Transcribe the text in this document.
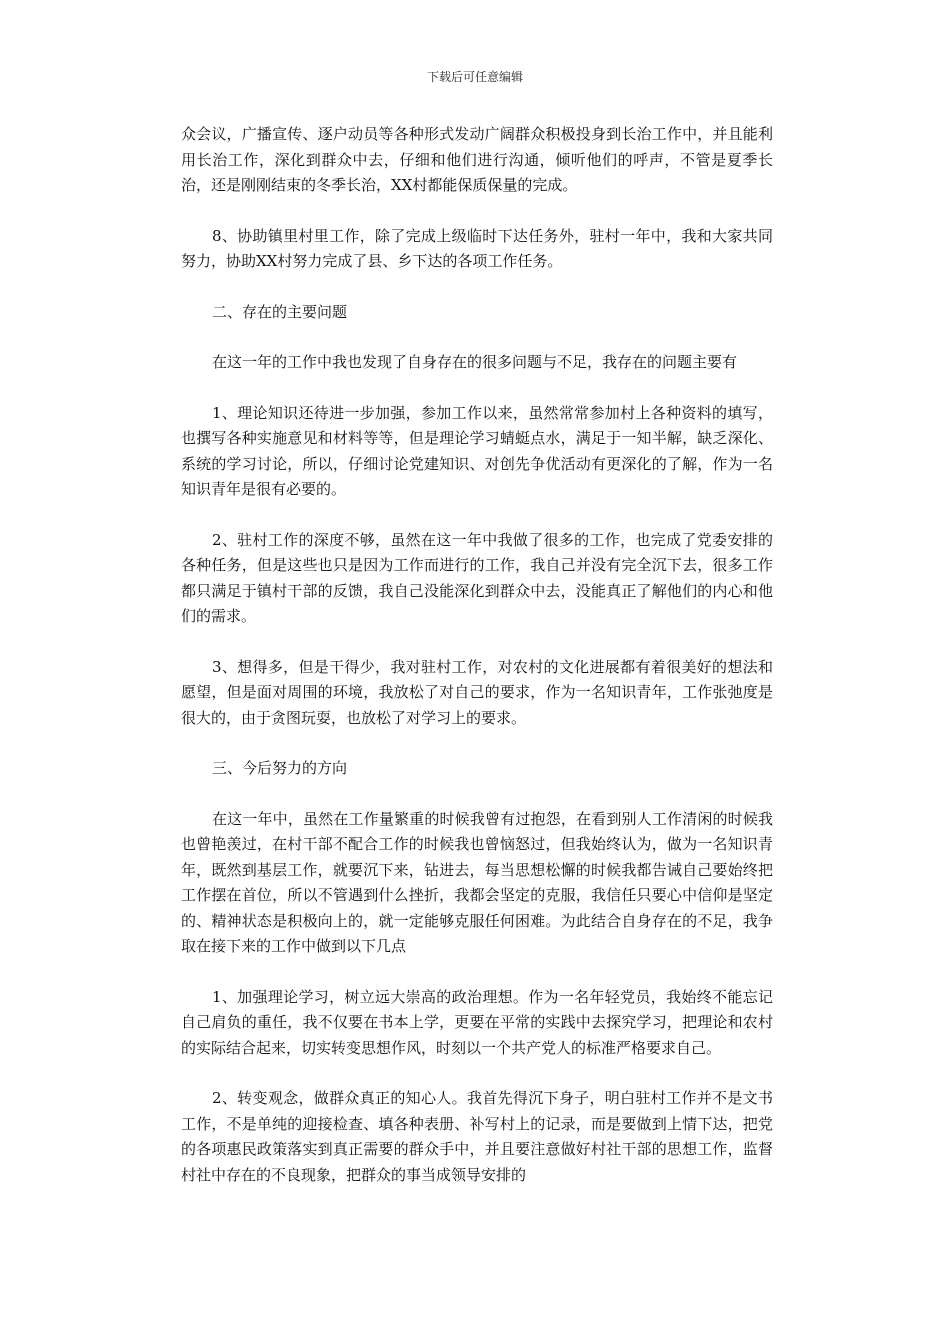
下载后可任意编辑

众会议，广播宣传、逐户动员等各种形式发动广阔群众积极投身到长治工作中，并且能利用长治工作，深化到群众中去，仔细和他们进行沟通，倾听他们的呼声，不管是夏季长治，还是刚刚结束的冬季长治，XX村都能保质保量的完成。

8、协助镇里村里工作，除了完成上级临时下达任务外，驻村一年中，我和大家共同努力，协助XX村努力完成了县、乡下达的各项工作任务。

二、存在的主要问题

在这一年的工作中我也发现了自身存在的很多问题与不足，我存在的问题主要有

1、理论知识还待进一步加强，参加工作以来，虽然常常参加村上各种资料的填写，也撰写各种实施意见和材料等等，但是理论学习蜻蜓点水，满足于一知半解，缺乏深化、系统的学习讨论，所以，仔细讨论党建知识、对创先争优活动有更深化的了解，作为一名知识青年是很有必要的。

2、驻村工作的深度不够，虽然在这一年中我做了很多的工作，也完成了党委安排的各种任务，但是这些也只是因为工作而进行的工作，我自己并没有完全沉下去，很多工作都只满足于镇村干部的反馈，我自己没能深化到群众中去，没能真正了解他们的内心和他们的需求。

3、想得多，但是干得少，我对驻村工作，对农村的文化进展都有着很美好的想法和愿望，但是面对周围的环境，我放松了对自己的要求，作为一名知识青年，工作张弛度是很大的，由于贪图玩耍，也放松了对学习上的要求。

三、今后努力的方向

在这一年中，虽然在工作量繁重的时候我曾有过抱怨，在看到别人工作清闲的时候我也曾艳羡过，在村干部不配合工作的时候我也曾恼怒过，但我始终认为，做为一名知识青年，既然到基层工作，就要沉下来，钻进去，每当思想松懈的时候我都告诫自己要始终把工作摆在首位，所以不管遇到什么挫折，我都会坚定的克服，我信任只要心中信仰是坚定的、精神状态是积极向上的，就一定能够克服任何困难。为此结合自身存在的不足，我争取在接下来的工作中做到以下几点

1、加强理论学习，树立远大崇高的政治理想。作为一名年轻党员，我始终不能忘记自己肩负的重任，我不仅要在书本上学，更要在平常的实践中去探究学习，把理论和农村的实际结合起来，切实转变思想作风，时刻以一个共产党人的标准严格要求自己。

2、转变观念，做群众真正的知心人。我首先得沉下身子，明白驻村工作并不是文书工作，不是单纯的迎接检查、填各种表册、补写村上的记录，而是要做到上情下达，把党的各项惠民政策落实到真正需要的群众手中，并且要注意做好村社干部的思想工作，监督村社中存在的不良现象，把群众的事当成领导安排的
